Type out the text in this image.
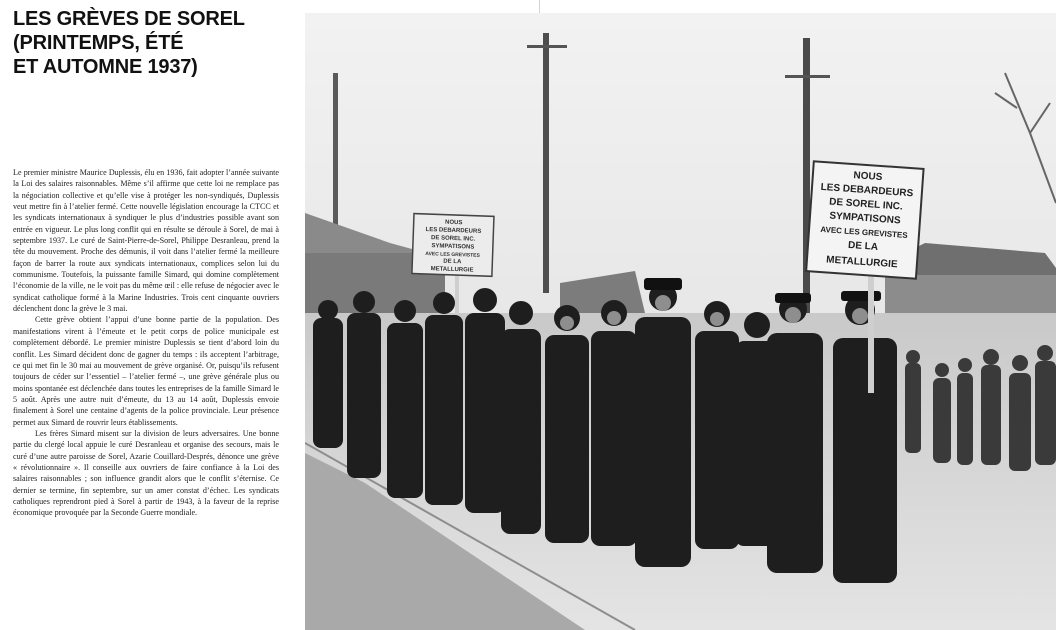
LES GRÈVES DE SOREL
(PRINTEMPS, ÉTÉ
ET AUTOMNE 1937)

Le premier ministre Maurice Duplessis, élu en 1936, fait adopter l’année suivante la Loi des salaires raisonnables. Même s’il affirme que cette loi ne remplace pas la négociation collective et qu’elle vise à protéger les non-syndiqués, Duplessis veut mettre fin à l’atelier fermé. Cette nouvelle législation encourage la CTCC et les syndicats internationaux à syndiquer le plus d’industries possible avant son entrée en vigueur. Le plus long conflit qui en résulte se déroule à Sorel, de mai à septembre 1937. Le curé de Saint-Pierre-de-Sorel, Philippe Desranleau, prend la tête du mouvement. Proche des démunis, il voit dans l’atelier fermé la meilleure façon de barrer la route aux syndicats internationaux, complices selon lui du communisme. Toutefois, la puissante famille Simard, qui domine complètement l’économie de la ville, ne le voit pas du même œil : elle refuse de négocier avec le syndicat catholique formé à la Marine Industries. Trois cent cinquante ouvriers déclenchent donc la grève le 3 mai.

Cette grève obtient l’appui d’une bonne partie de la population. Des manifestations virent à l’émeute et le petit corps de police municipale est complètement débordé. Le premier ministre Duplessis se tient d’abord loin du conflit. Les Simard décident donc de gagner du temps : ils acceptent l’arbitrage, ce qui met fin le 30 mai au mouvement de grève organisé. Or, puisqu’ils refusent toujours de céder sur l’essentiel – l’atelier fermé –, une grève générale plus ou moins spontanée est déclenchée dans toutes les entreprises de la famille Simard le 5 août. Après une autre nuit d’émeute, du 13 au 14 août, Duplessis envoie finalement à Sorel une centaine d’agents de la police provinciale. Leur présence permet aux Simard de rouvrir leurs établissements.

Les frères Simard misent sur la division de leurs adversaires. Une bonne partie du clergé local appuie le curé Desranleau et organise des secours, mais le curé d’une autre paroisse de Sorel, Azarie Couillard-Després, dénonce une grève « révolutionnaire ». Il conseille aux ouvriers de faire confiance à la Loi des salaires raisonnables ; son influence grandit alors que le conflit s’éternise. Ce dernier se termine, fin septembre, sur un amer constat d’échec. Les syndicats catholiques reprendront pied à Sorel à partir de 1943, à la faveur de la reprise économique provoquée par la Seconde Guerre mondiale.

NOUS
LES DEBARDEURS
DE SOREL INC.
SYMPATISONS
AVEC LES GREVISTES
DE LA
METALLURGIE
NOUS
LES DEBARDEURS
DE SOREL INC.
SYMPATISONS
AVEC LES GREVISTES
DE LA
METALLURGIE
